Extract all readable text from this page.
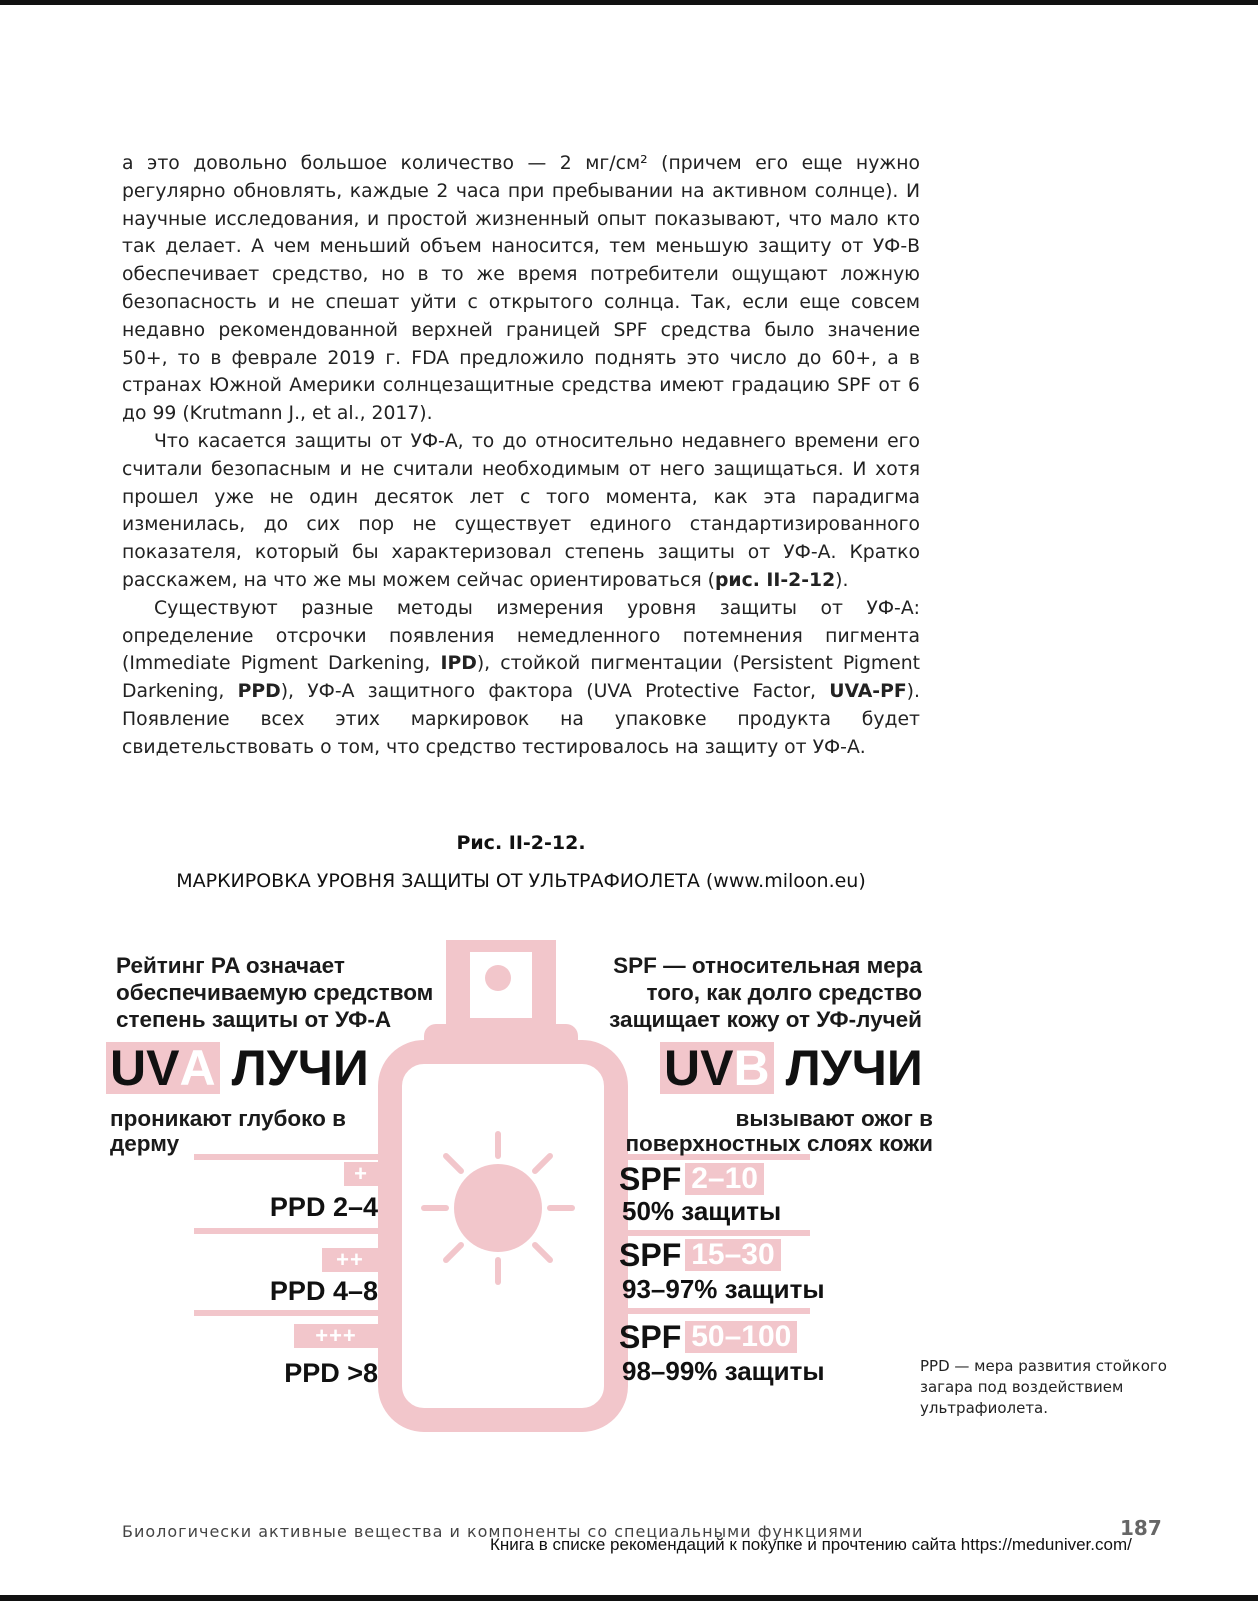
а это довольно большое количество — 2 мг/см² (причем его еще нужно регулярно обновлять, каждые 2 часа при пребывании на активном солнце). И научные исследования, и простой жизненный опыт показывают, что мало кто так делает. А чем меньший объем наносится, тем меньшую защиту от УФ-В обеспечивает средство, но в то же время потребители ощущают ложную безопасность и не спешат уйти с открытого солнца. Так, если еще совсем недавно рекомендованной верхней границей SPF средства было значение 50+, то в феврале 2019 г. FDA предложило поднять это число до 60+, а в странах Южной Америки солнцезащитные средства имеют градацию SPF от 6 до 99 (Krutmann J., et al., 2017).

Что касается защиты от УФ-А, то до относительно недавнего времени его считали безопасным и не считали необходимым от него защищаться. И хотя прошел уже не один десяток лет с того момента, как эта парадигма изменилась, до сих пор не существует единого стандартизированного показателя, который бы характеризовал степень защиты от УФ-А. Кратко расскажем, на что же мы можем сейчас ориентироваться (рис. II-2-12).

Существуют разные методы измерения уровня защиты от УФ-А: определение отсрочки появления немедленного потемнения пигмента (Immediate Pigment Darkening, IPD), стойкой пигментации (Persistent Pigment Darkening, PPD), УФ-А защитного фактора (UVA Protective Factor, UVA-PF). Появление всех этих маркировок на упаковке продукта будет свидетельствовать о том, что средство тестировалось на защиту от УФ-А.

Рис. II-2-12.
МАРКИРОВКА УРОВНЯ ЗАЩИТЫ ОТ УЛЬТРАФИОЛЕТА (www.miloon.eu)
Рейтинг PA означает обеспечиваемую средством степень защиты от УФ-А
SPF — относительная мера того, как долго средство защищает кожу от УФ-лучей
UV A ЛУЧИ	UV B ЛУЧИ
проникают глубоко в дерму
вызывают ожог в поверхностных слоях кожи
+
PPD 2–4
++
PPD 4–8
+++
PPD >8
SPF 2–10
50% защиты
SPF 15–30
93–97% защиты
SPF 50–100
98–99% защиты	PPD — мера развития стойкого загара под воздействием ультрафиолета.
Биологически активные вещества и компоненты со специальными функциями	187
Книга в списке рекомендаций к покупке и прочтению сайта https://meduniver.com/
